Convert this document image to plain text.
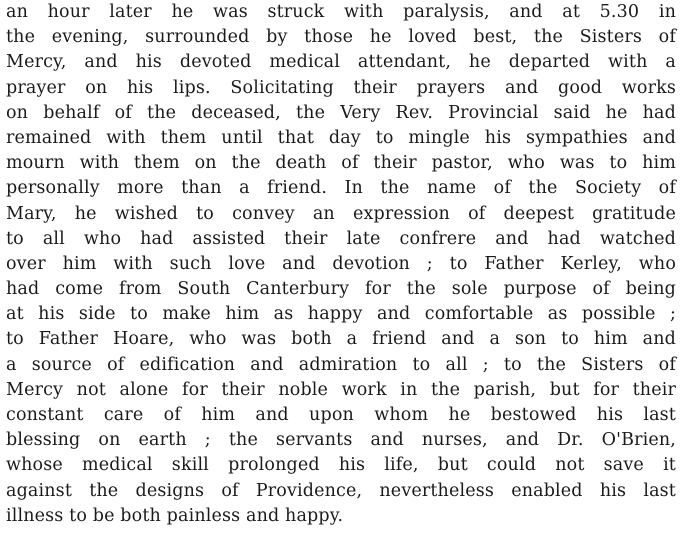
an hour later he was struck with paralysis, and at 5.30 in
the evening, surrounded by those he loved best, the Sisters of
Mercy, and his devoted medical attendant, he departed with a
prayer on his lips. Solicitating their prayers and good works
on behalf of the deceased, the Very Rev. Provincial said he had
remained with them until that day to mingle his sympathies and
mourn with them on the death of their pastor, who was to him
personally more than a friend. In the name of the Society of
Mary, he wished to convey an expression of deepest gratitude
to all who had assisted their late confrere and had watched
over him with such love and devotion ; to Father Kerley, who
had come from South Canterbury for the sole purpose of being
at his side to make him as happy and comfortable as possible ;
to Father Hoare, who was both a friend and a son to him and
a source of edification and admiration to all ; to the Sisters of
Mercy not alone for their noble work in the parish, but for their
constant care of him and upon whom he bestowed his last
blessing on earth ; the servants and nurses, and Dr. O'Brien,
whose medical skill prolonged his life, but could not save it
against the designs of Providence, nevertheless enabled his last
illness to be both painless and happy.
